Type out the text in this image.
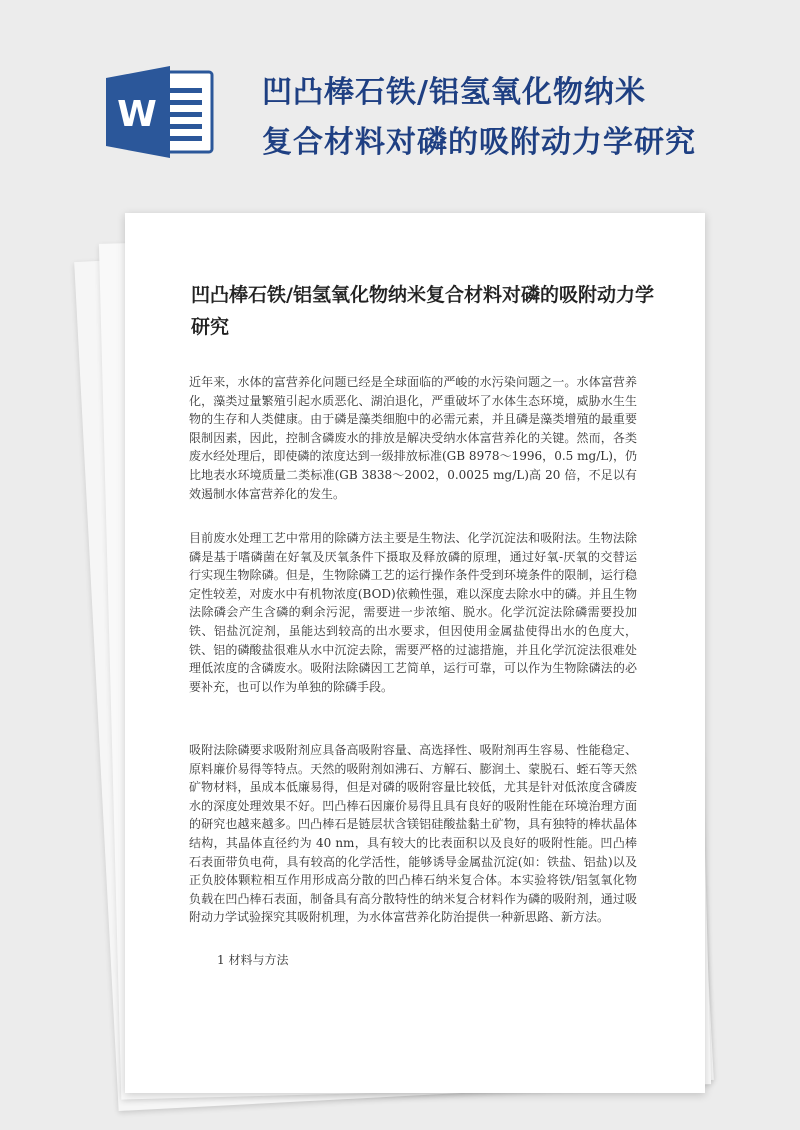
W
凹凸棒石铁/铝氢氧化物纳米
复合材料对磷的吸附动力学研究
凹凸棒石铁/铝氢氧化物纳米复合材料对磷的吸附动力学研究
近年来，水体的富营养化问题已经是全球面临的严峻的水污染问题之一。水体富营养化，藻类过量繁殖引起水质恶化、湖泊退化，严重破坏了水体生态环境，威胁水生生物的生存和人类健康。由于磷是藻类细胞中的必需元素，并且磷是藻类增殖的最重要限制因素，因此，控制含磷废水的排放是解决受纳水体富营养化的关键。然而，各类废水经处理后，即使磷的浓度达到一级排放标准(GB 8978～1996，0.5 mg/L)，仍比地表水环境质量二类标准(GB 3838～2002，0.0025 mg/L)高 20 倍，不足以有效遏制水体富营养化的发生。
目前废水处理工艺中常用的除磷方法主要是生物法、化学沉淀法和吸附法。生物法除磷是基于嗜磷菌在好氧及厌氧条件下摄取及释放磷的原理，通过好氧-厌氧的交替运行实现生物除磷。但是，生物除磷工艺的运行操作条件受到环境条件的限制，运行稳定性较差，对废水中有机物浓度(BOD)依赖性强，难以深度去除水中的磷。并且生物法除磷会产生含磷的剩余污泥，需要进一步浓缩、脱水。化学沉淀法除磷需要投加铁、铝盐沉淀剂，虽能达到较高的出水要求，但因使用金属盐使得出水的色度大，铁、铝的磷酸盐很难从水中沉淀去除，需要严格的过滤措施，并且化学沉淀法很难处理低浓度的含磷废水。吸附法除磷因工艺简单，运行可靠，可以作为生物除磷法的必要补充，也可以作为单独的除磷手段。
吸附法除磷要求吸附剂应具备高吸附容量、高选择性、吸附剂再生容易、性能稳定、原料廉价易得等特点。天然的吸附剂如沸石、方解石、膨润土、蒙脱石、蛭石等天然矿物材料，虽成本低廉易得，但是对磷的吸附容量比较低，尤其是针对低浓度含磷废水的深度处理效果不好。凹凸棒石因廉价易得且具有良好的吸附性能在环境治理方面的研究也越来越多。凹凸棒石是链层状含镁铝硅酸盐黏土矿物，具有独特的棒状晶体结构，其晶体直径约为 40 nm，具有较大的比表面积以及良好的吸附性能。凹凸棒石表面带负电荷，具有较高的化学活性，能够诱导金属盐沉淀(如：铁盐、铝盐)以及正负胶体颗粒相互作用形成高分散的凹凸棒石纳米复合体。本实验将铁/铝氢氧化物负载在凹凸棒石表面，制备具有高分散特性的纳米复合材料作为磷的吸附剂，通过吸附动力学试验探究其吸附机理，为水体富营养化防治提供一种新思路、新方法。
1 材料与方法
